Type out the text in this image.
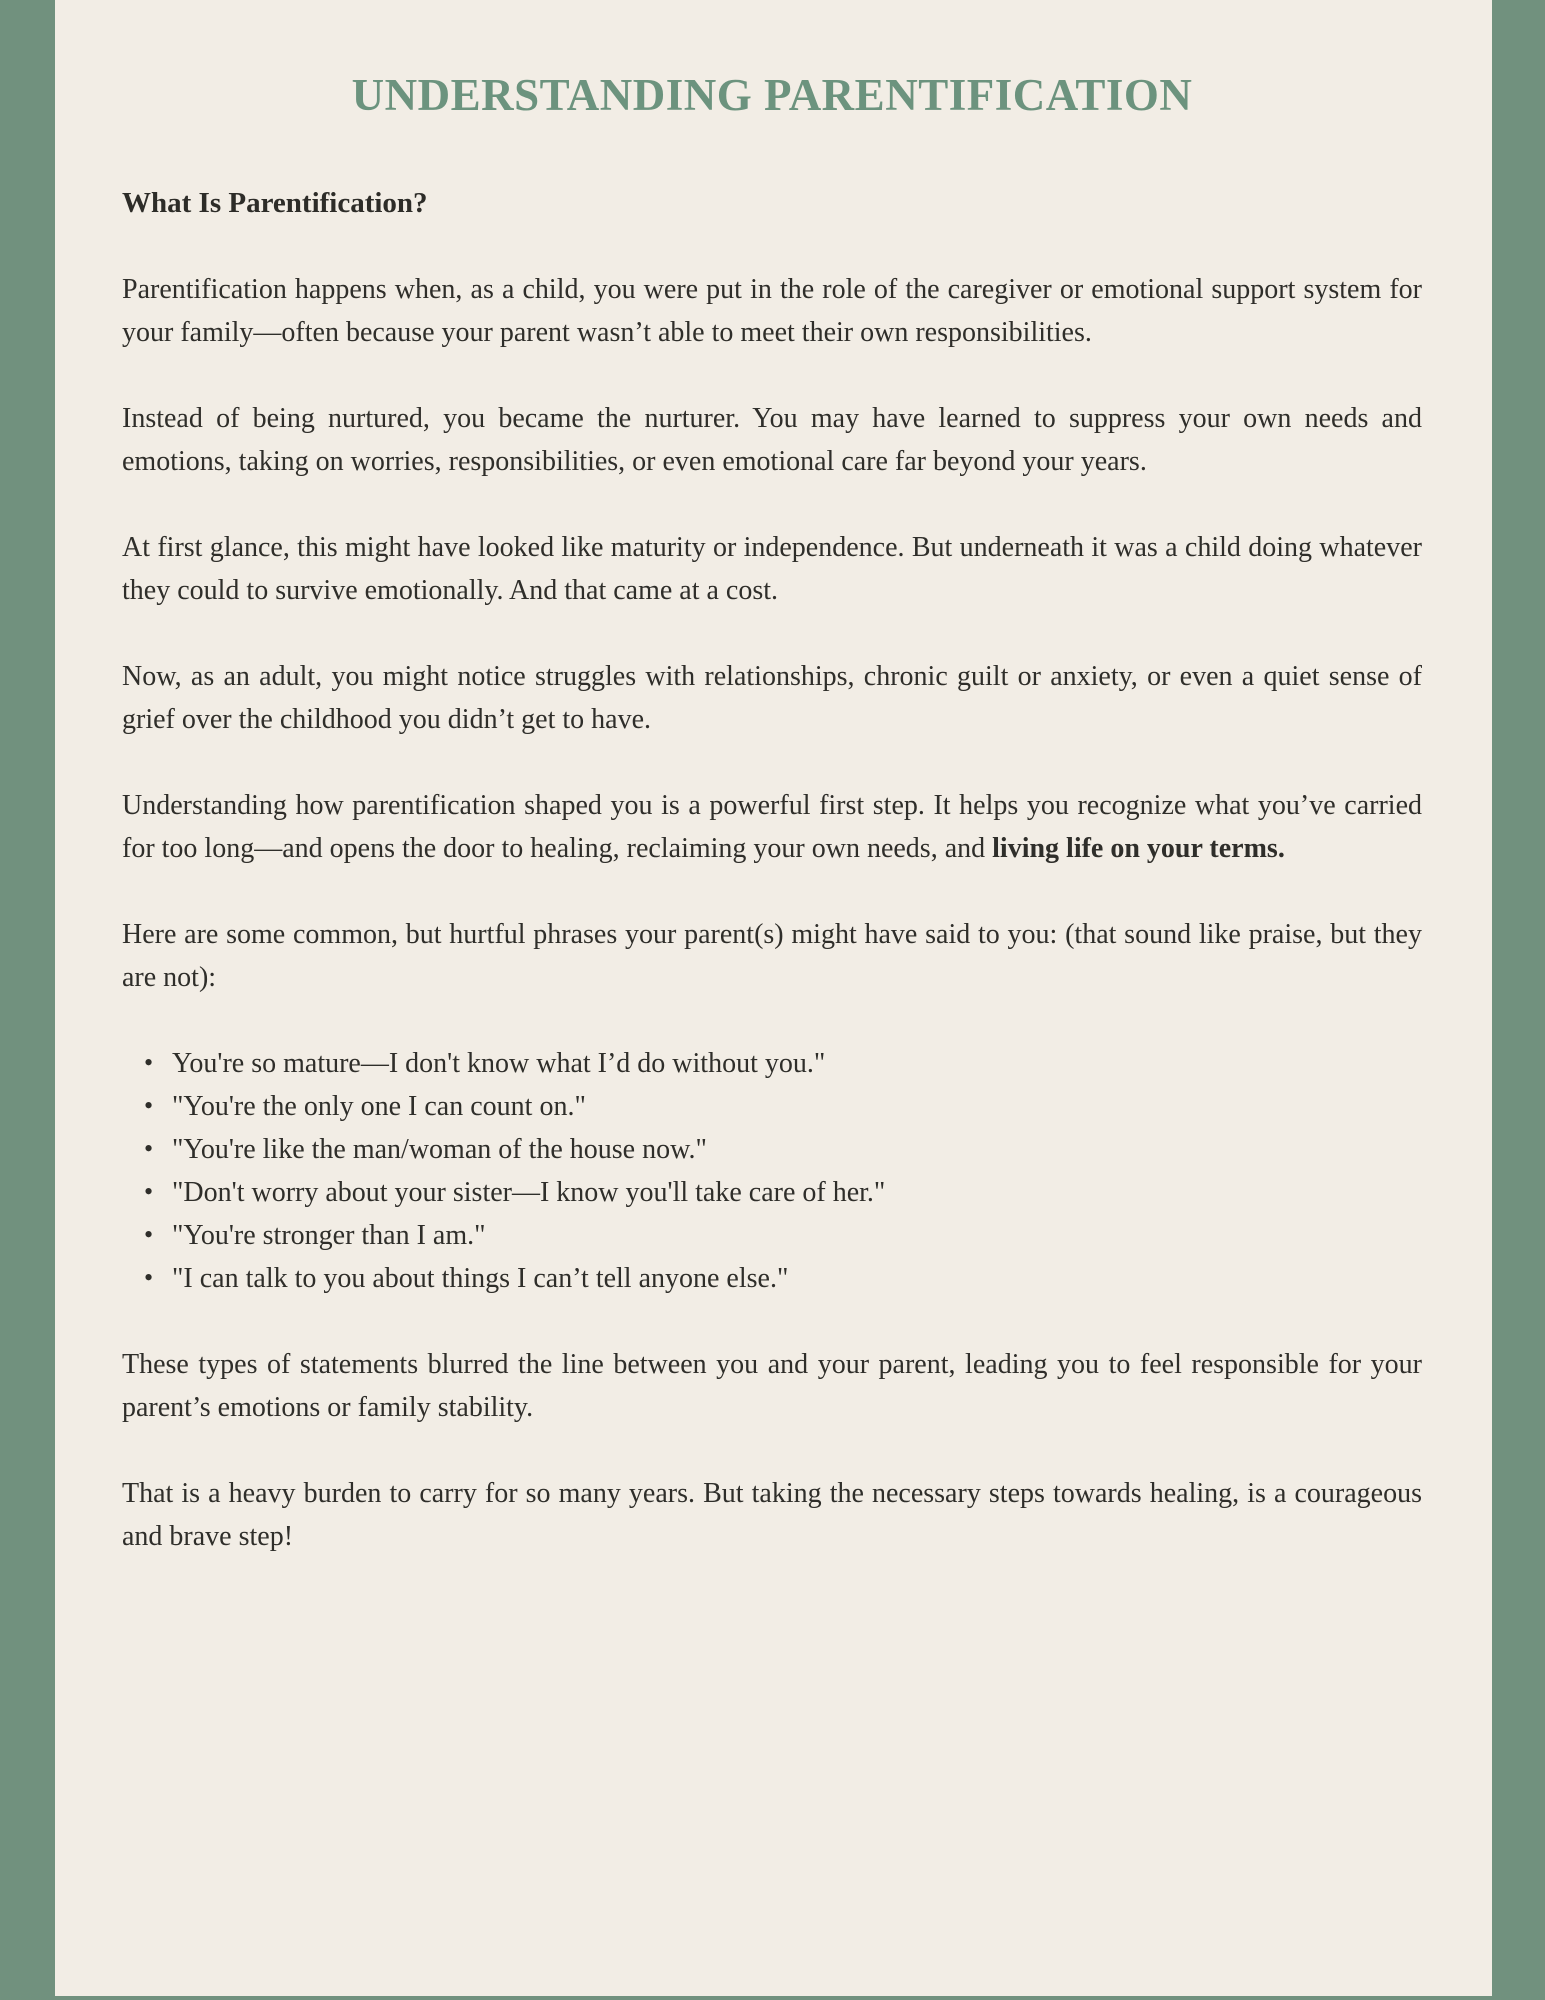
UNDERSTANDING PARENTIFICATION
What Is Parentification?

Parentification happens when, as a child, you were put in the role of the caregiver or emotional support system for your family—often because your parent wasn’t able to meet their own responsibilities.

Instead of being nurtured, you became the nurturer. You may have learned to suppress your own needs and emotions, taking on worries, responsibilities, or even emotional care far beyond your years.

At first glance, this might have looked like maturity or independence. But underneath it was a child doing whatever they could to survive emotionally. And that came at a cost.

Now, as an adult, you might notice struggles with relationships, chronic guilt or anxiety, or even a quiet sense of grief over the childhood you didn’t get to have.

Understanding how parentification shaped you is a powerful first step. It helps you recognize what you’ve carried for too long—and opens the door to healing, reclaiming your own needs, and living life on your terms.

Here are some common, but hurtful phrases your parent(s) might have said to you: (that sound like praise, but they are not):

• You're so mature—I don't know what I’d do without you."
• "You're the only one I can count on."
• "You're like the man/woman of the house now."
• "Don't worry about your sister—I know you'll take care of her."
• "You're stronger than I am."
• "I can talk to you about things I can’t tell anyone else."

These types of statements blurred the line between you and your parent, leading you to feel responsible for your parent’s emotions or family stability.

That is a heavy burden to carry for so many years. But taking the necessary steps towards healing, is a courageous and brave step!
